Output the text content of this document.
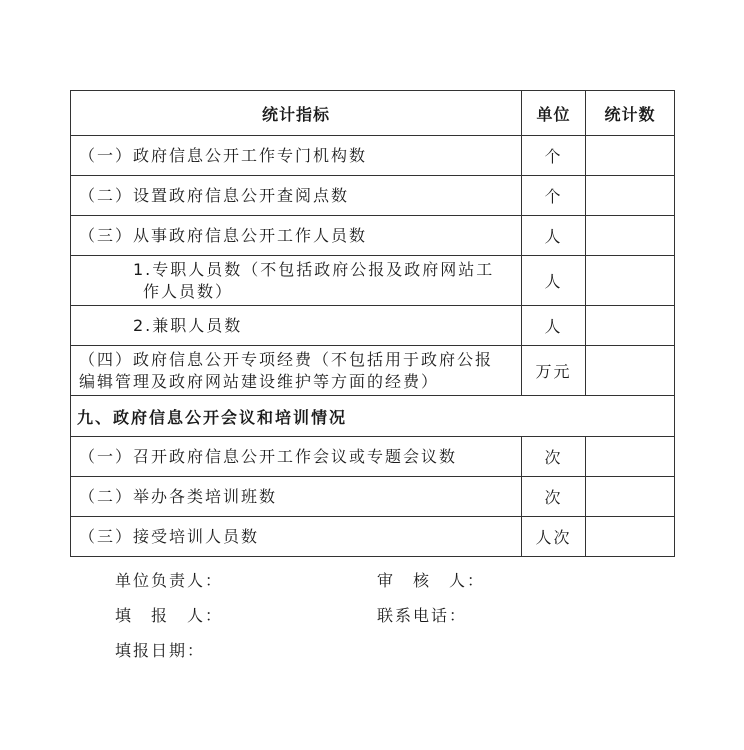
统计指标	单位	统计数
（一）政府信息公开工作专门机构数	个	
（二）设置政府信息公开查阅点数	个	
（三）从事政府信息公开工作人员数	人	
1.专职人员数（不包括政府公报及政府网站工
作人员数）	人	
2.兼职人员数	人	

（四）政府信息公开专项经费（不包括用于政府公报
编辑管理及政府网站建设维护等方面的经费）	万元	
九、政府信息公开会议和培训情况		
（一）召开政府信息公开工作会议或专题会议数	次	
（二）举办各类培训班数	次	
（三）接受培训人员数	人次	
单位负责人：	审　核　人：
填　报　人：	联系电话：
填报日期：
